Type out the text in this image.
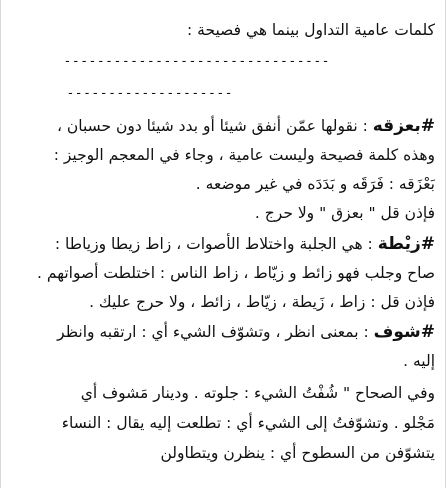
كلمات عامية التداول بينما هي فصيحة :
--------------------------------
--------------------
#بعزقه : نقولها عمّن أنفق شيئا أو بدد شيئا دون حسبان ،
وهذه كلمة فصيحة وليست عامية ، وجاء في المعجم الوجيز :
بَعْزَقه : فَرَقَه و بَدَدَه في غير موضعه .
فإذن قل " بعزق " ولا حرج .
#زيْطة : هي الجلبة واختلاط الأصوات ، زاط زيطا وزياطا :
صاح وجلب فهو زائط و زيّاط ، زاط الناس : اختلطت أصواتهم .
فإذن قل : زاط ، زَيطة ، زيّاط ، زائط ، ولا حرج عليك .
#شوف : بمعنى انظر ، وتشوّف الشيء أي : ارتقبه وانظر
إليه .
وفي الصحاح " شُفْتُ الشيء : جلوته . ودينار مَشوف أي
مَجْلو . وتشوّفتُ إلى الشيء أي : تطلعت إليه يقال : النساء
يتشوّفن من السطوح أي : ينظرن ويتطاولن
